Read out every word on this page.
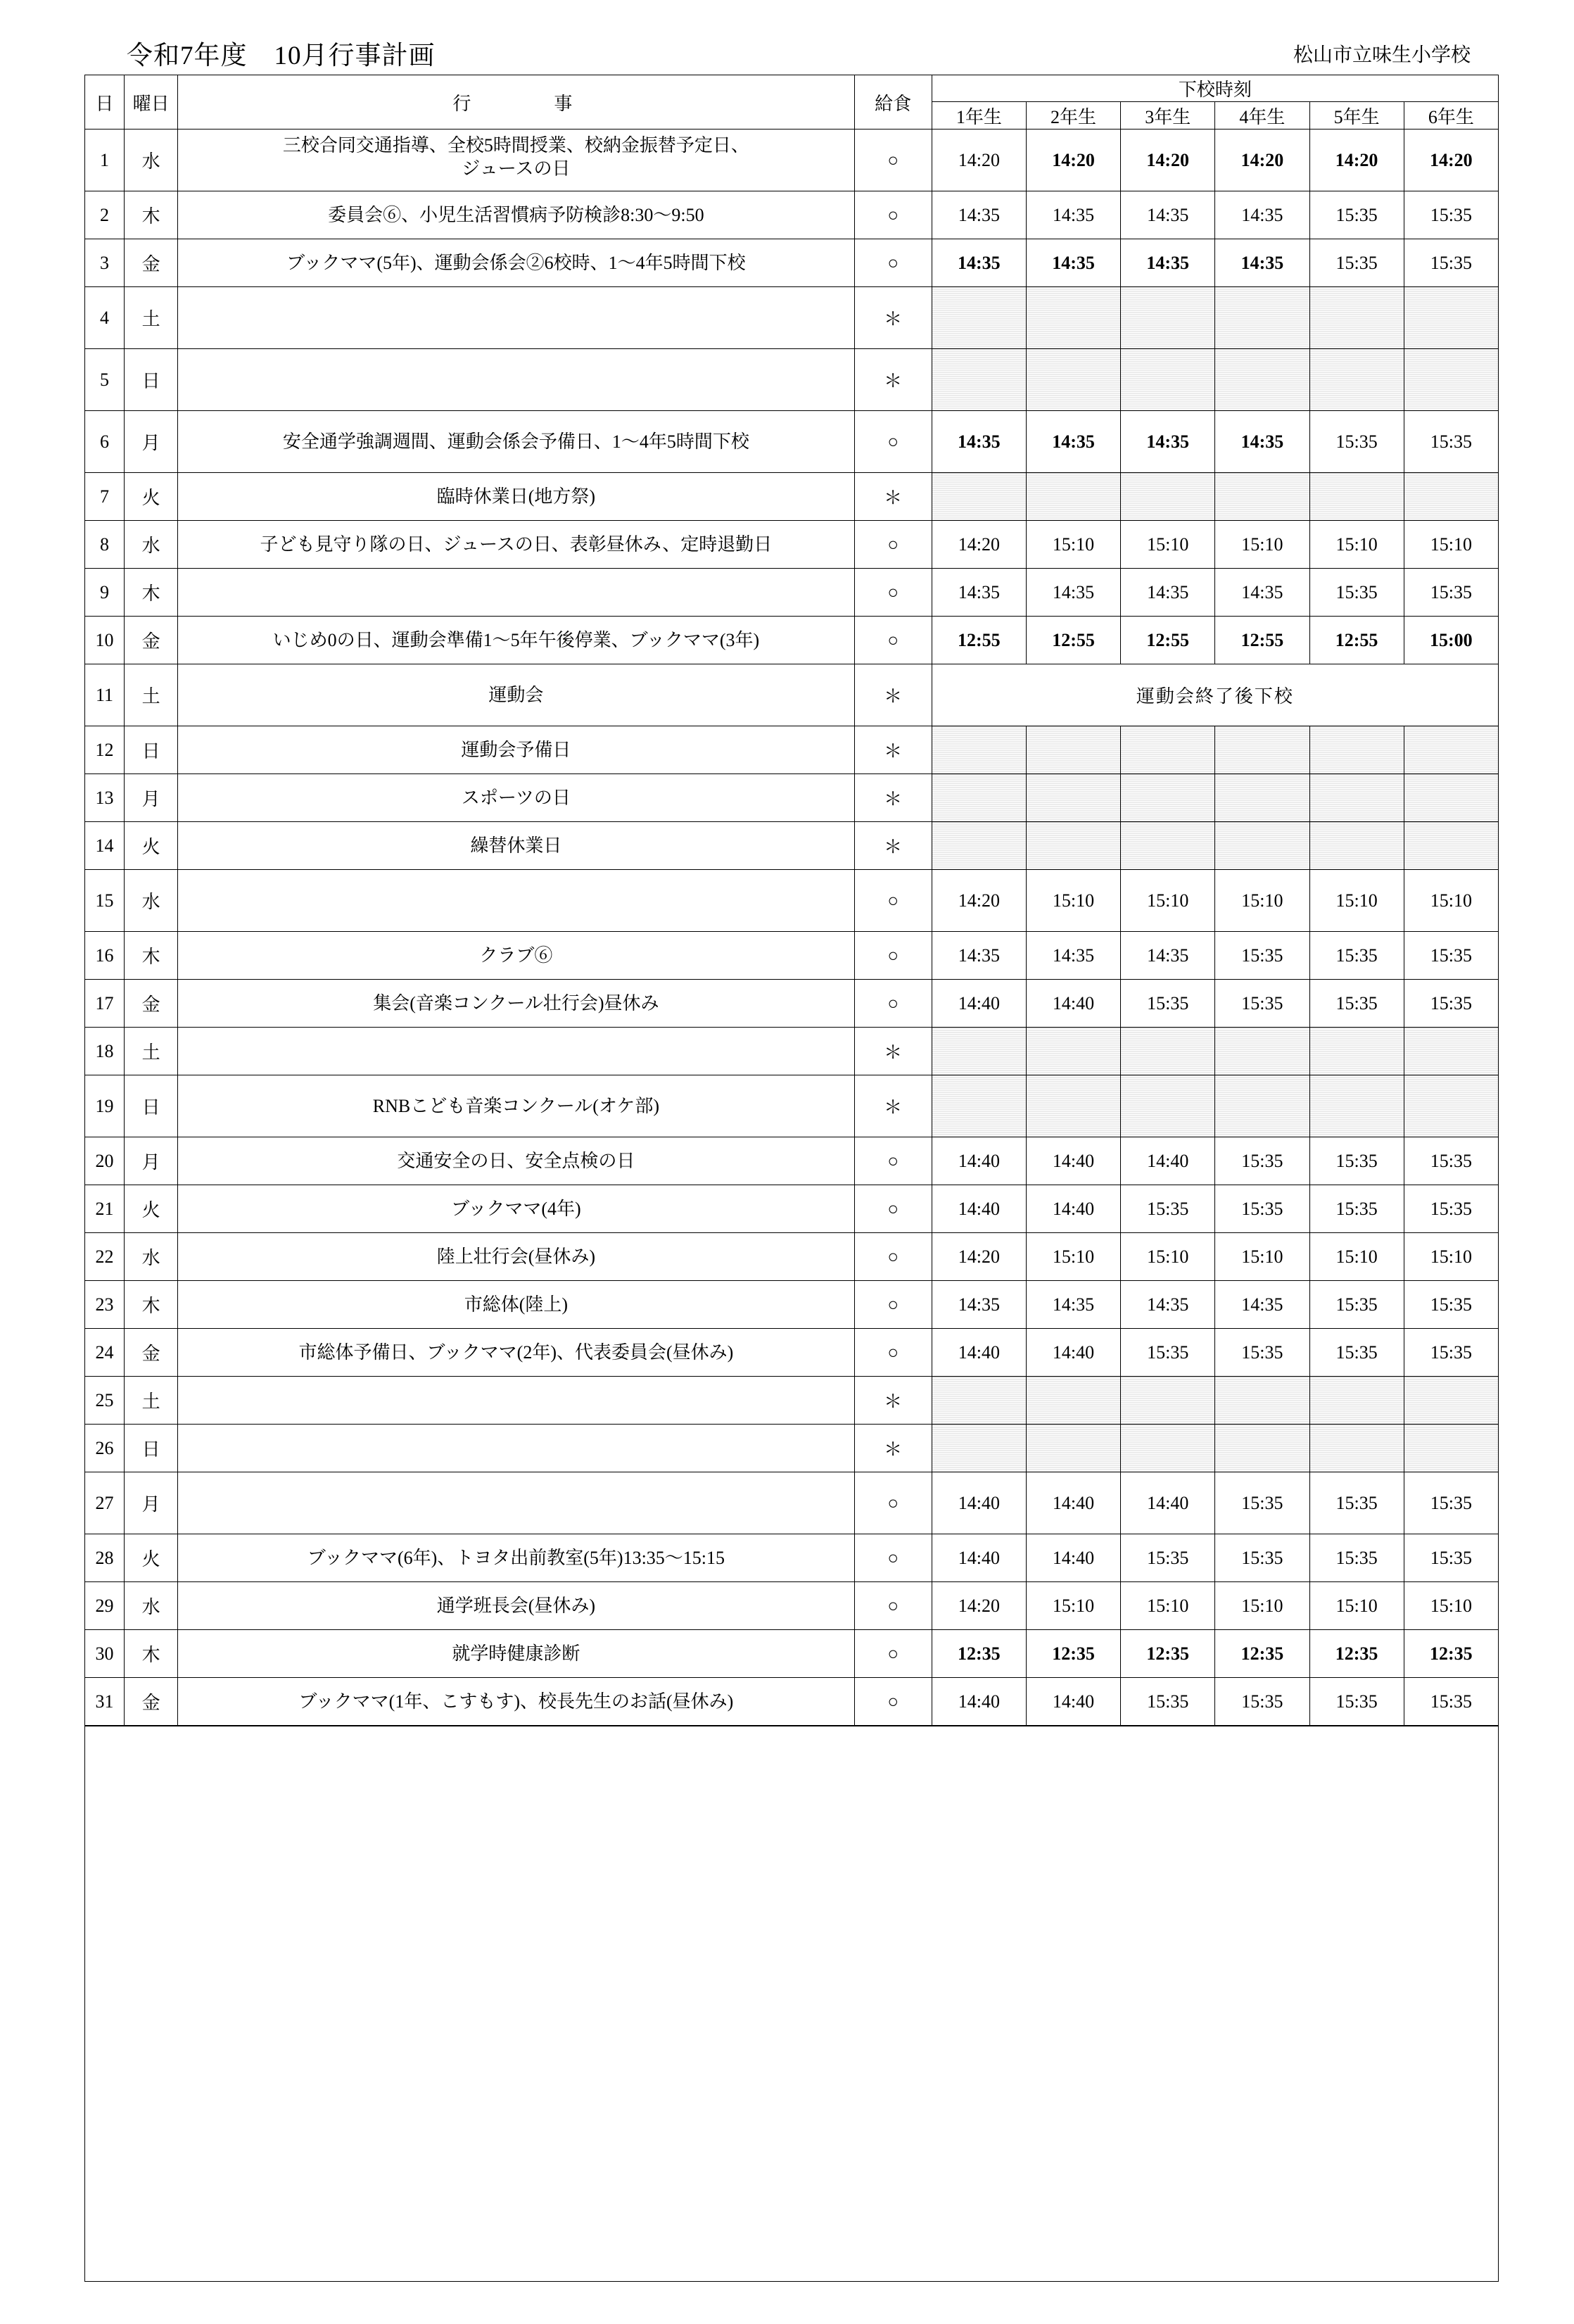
令和7年度　10月行事計画	松山市立味生小学校
日	曜日	行　　　事	給食	下校時刻					
				1年生	2年生	3年生	4年生	5年生	6年生
1	水	三校合同交通指導、全校5時間授業、校納金振替予定日、
ジュースの日	○	14:20	14:20	14:20	14:20	14:20	14:20
2	木	委員会⑥、小児生活習慣病予防検診8:30〜9:50	○	14:35	14:35	14:35	14:35	15:35	15:35
3	金	ブックママ(5年)、運動会係会②6校時、1〜4年5時間下校	○	14:35	14:35	14:35	14:35	15:35	15:35
4	土		＊						
5	日		＊						
6	月	安全通学強調週間、運動会係会予備日、1〜4年5時間下校	○	14:35	14:35	14:35	14:35	15:35	15:35
7	火	臨時休業日(地方祭)	＊						
8	水	子ども見守り隊の日、ジュースの日、表彰昼休み、定時退勤日	○	14:20	15:10	15:10	15:10	15:10	15:10
9	木		○	14:35	14:35	14:35	14:35	15:35	15:35
10	金	いじめ0の日、運動会準備1〜5年午後停業、ブックママ(3年)	○	12:55	12:55	12:55	12:55	12:55	15:00
11	土	運動会	＊	運動会終了後下校					
12	日	運動会予備日	＊						
13	月	スポーツの日	＊						
14	火	繰替休業日	＊						
15	水		○	14:20	15:10	15:10	15:10	15:10	15:10
16	木	クラブ⑥	○	14:35	14:35	14:35	15:35	15:35	15:35
17	金	集会(音楽コンクール壮行会)昼休み	○	14:40	14:40	15:35	15:35	15:35	15:35
18	土		＊						
19	日	RNBこども音楽コンクール(オケ部)	＊						
20	月	交通安全の日、安全点検の日	○	14:40	14:40	14:40	15:35	15:35	15:35
21	火	ブックママ(4年)	○	14:40	14:40	15:35	15:35	15:35	15:35
22	水	陸上壮行会(昼休み)	○	14:20	15:10	15:10	15:10	15:10	15:10
23	木	市総体(陸上)	○	14:35	14:35	14:35	14:35	15:35	15:35
24	金	市総体予備日、ブックママ(2年)、代表委員会(昼休み)	○	14:40	14:40	15:35	15:35	15:35	15:35
25	土		＊						
26	日		＊						
27	月		○	14:40	14:40	14:40	15:35	15:35	15:35
28	火	ブックママ(6年)、トヨタ出前教室(5年)13:35〜15:15	○	14:40	14:40	15:35	15:35	15:35	15:35
29	水	通学班長会(昼休み)	○	14:20	15:10	15:10	15:10	15:10	15:10
30	木	就学時健康診断	○	12:35	12:35	12:35	12:35	12:35	12:35
31	金	ブックママ(1年、こすもす)、校長先生のお話(昼休み)	○	14:40	14:40	15:35	15:35	15:35	15:35
